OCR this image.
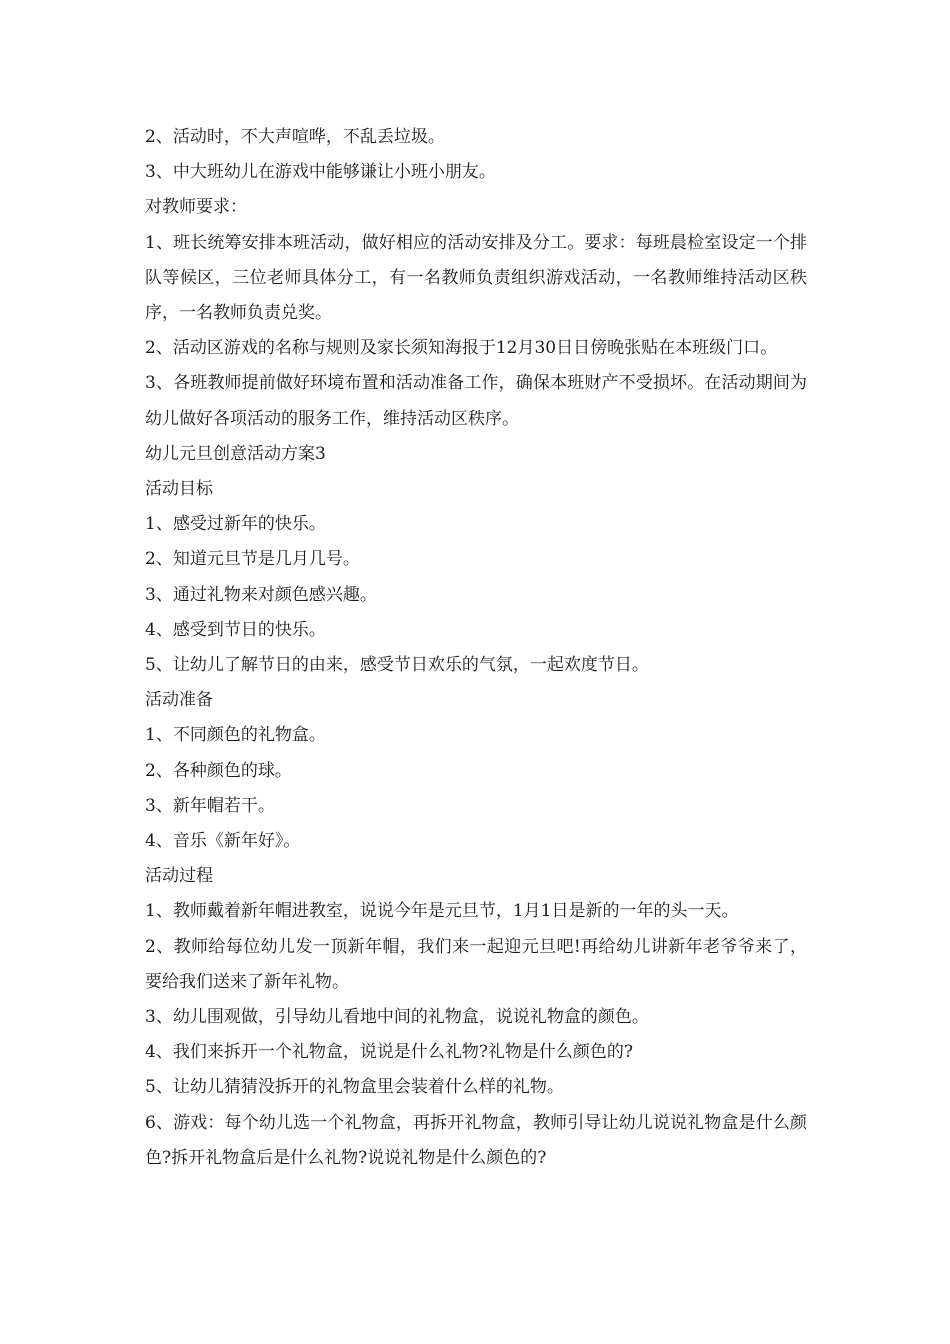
2、活动时，不大声喧哗，不乱丢垃圾。

3、中大班幼儿在游戏中能够谦让小班小朋友。

对教师要求：

1、班长统筹安排本班活动，做好相应的活动安排及分工。要求：每班晨检室设定一个排队等候区，三位老师具体分工，有一名教师负责组织游戏活动，一名教师维持活动区秩序，一名教师负责兑奖。

2、活动区游戏的名称与规则及家长须知海报于12月30日日傍晚张贴在本班级门口。

3、各班教师提前做好环境布置和活动准备工作，确保本班财产不受损坏。在活动期间为幼儿做好各项活动的服务工作，维持活动区秩序。

幼儿元旦创意活动方案3

活动目标

1、感受过新年的快乐。

2、知道元旦节是几月几号。

3、通过礼物来对颜色感兴趣。

4、感受到节日的快乐。

5、让幼儿了解节日的由来，感受节日欢乐的气氛，一起欢度节日。

活动准备

1、不同颜色的礼物盒。

2、各种颜色的球。

3、新年帽若干。

4、音乐《新年好》。

活动过程

1、教师戴着新年帽进教室，说说今年是元旦节，1月1日是新的一年的头一天。

2、教师给每位幼儿发一顶新年帽，我们来一起迎元旦吧!再给幼儿讲新年老爷爷来了，要给我们送来了新年礼物。

3、幼儿围观做，引导幼儿看地中间的礼物盒，说说礼物盒的颜色。

4、我们来拆开一个礼物盒，说说是什么礼物?礼物是什么颜色的?

5、让幼儿猜猜没拆开的礼物盒里会装着什么样的礼物。

6、游戏：每个幼儿选一个礼物盒，再拆开礼物盒，教师引导让幼儿说说礼物盒是什么颜色?拆开礼物盒后是什么礼物?说说礼物是什么颜色的?
